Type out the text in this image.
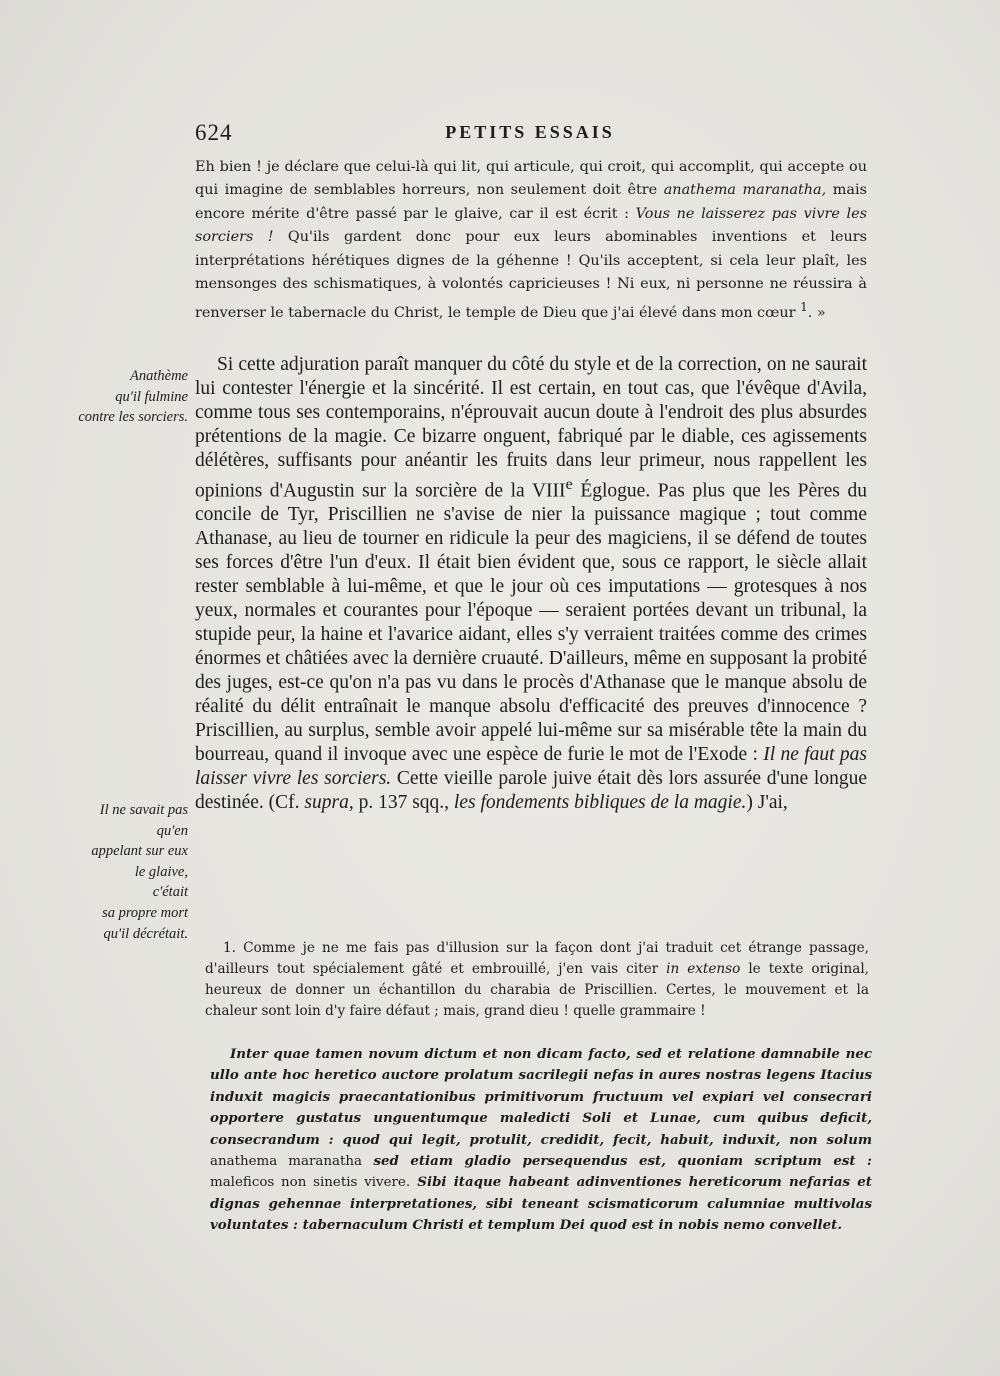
624	PETITS ESSAIS
Eh bien ! je déclare que celui-là qui lit, qui articule, qui croit, qui accomplit, qui accepte ou qui imagine de semblables horreurs, non seulement doit être anathema maranatha, mais encore mérite d'être passé par le glaive, car il est écrit : Vous ne laisserez pas vivre les sorciers ! Qu'ils gardent donc pour eux leurs abominables inventions et leurs interprétations hérétiques dignes de la géhenne ! Qu'ils acceptent, si cela leur plaît, les mensonges des schismatiques, à volontés capricieuses ! Ni eux, ni personne ne réussira à renverser le tabernacle du Christ, le temple de Dieu que j'ai élevé dans mon cœur $^1$. »
Anathème
qu'il fulmine
contre les sorciers.
Il ne savait pas
qu'en
appelant sur eux
le glaive,
c'était
sa propre mort
qu'il décrétait.
Si cette adjuration paraît manquer du côté du style et de la correction, on ne saurait lui contester l'énergie et la sincérité. Il est certain, en tout cas, que l'évêque d'Avila, comme tous ses contemporains, n'éprouvait aucun doute à l'endroit des plus absurdes prétentions de la magie. Ce bizarre onguent, fabriqué par le diable, ces agissements délétères, suffisants pour anéantir les fruits dans leur primeur, nous rappellent les opinions d'Augustin sur la sorcière de la VIIIe Églogue. Pas plus que les Pères du concile de Tyr, Priscillien ne s'avise de nier la puissance magique ; tout comme Athanase, au lieu de tourner en ridicule la peur des magiciens, il se défend de toutes ses forces d'être l'un d'eux. Il était bien évident que, sous ce rapport, le siècle allait rester semblable à lui-même, et que le jour où ces imputations — grotesques à nos yeux, normales et courantes pour l'époque — seraient portées devant un tribunal, la stupide peur, la haine et l'avarice aidant, elles s'y verraient traitées comme des crimes énormes et châtiées avec la dernière cruauté. D'ailleurs, même en supposant la probité des juges, est-ce qu'on n'a pas vu dans le procès d'Athanase que le manque absolu de réalité du délit entraînait le manque absolu d'efficacité des preuves d'innocence ? Priscillien, au surplus, semble avoir appelé lui-même sur sa misérable tête la main du bourreau, quand il invoque avec une espèce de furie le mot de l'Exode : Il ne faut pas laisser vivre les sorciers. Cette vieille parole juive était dès lors assurée d'une longue destinée. (Cf. supra, p. 137 sqq., les fondements bibliques de la magie.) J'ai,
1. Comme je ne me fais pas d'illusion sur la façon dont j'ai traduit cet étrange passage, d'ailleurs tout spécialement gâté et embrouillé, j'en vais citer in extenso le texte original, heureux de donner un échantillon du charabia de Priscillien. Certes, le mouvement et la chaleur sont loin d'y faire défaut ; mais, grand dieu ! quelle grammaire !
Inter quae tamen novum dictum et non dicam facto, sed et relatione damnabile nec ullo ante hoc heretico auctore prolatum sacrilegii nefas in aures nostras legens Itacius induxit magicis praecantationibus primitivorum fructuum vel expiari vel consecrari opportere gustatus unguentumque maledicti Soli et Lunae, cum quibus deficit, consecrandum : quod qui legit, protulit, credidit, fecit, habuit, induxit, non solum anathema maranatha sed etiam gladio persequendus est, quoniam scriptum est : maleficos non sinetis vivere. Sibi itaque habeant adinventiones hereticorum nefarias et dignas gehennae interpretationes, sibi teneant scismaticorum calumniae multivolas voluntates : tabernaculum Christi et templum Dei quod est in nobis nemo convellet.
